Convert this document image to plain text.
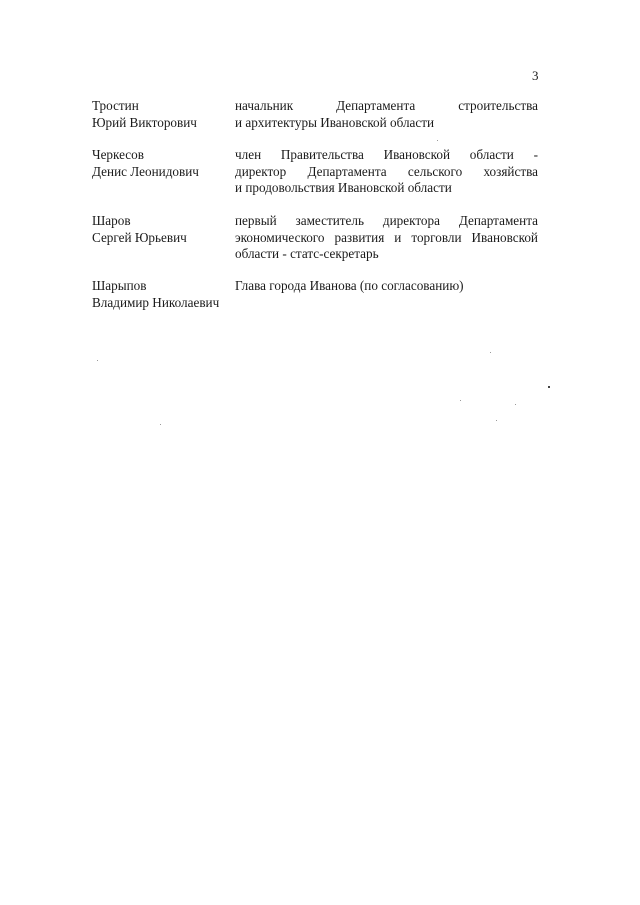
3
Тростин
Юрий Викторович
начальник Департамента строительства
и архитектуры Ивановской области
Черкесов
Денис Леонидович
член Правительства Ивановской области -
директор Департамента сельского хозяйства
и продовольствия Ивановской области
Шаров
Сергей Юрьевич
первый заместитель директора Департамента
экономического развития и торговли Ивановской
области - статс-секретарь
Шарыпов
Владимир Николаевич
Глава города Иванова (по согласованию)
